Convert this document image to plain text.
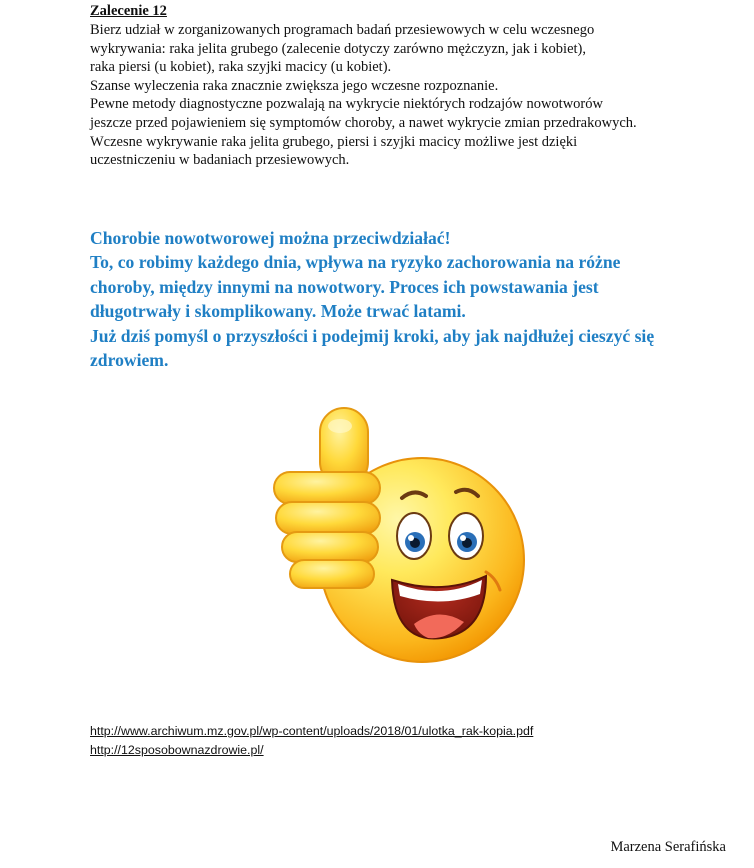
Zalecenie 12
Bierz udział w zorganizowanych programach badań przesiewowych w celu wczesnego
wykrywania: raka jelita grubego (zalecenie dotyczy zarówno mężczyzn, jak i kobiet),
raka piersi (u kobiet), raka szyjki macicy (u kobiet).
Szanse wyleczenia raka znacznie zwiększa jego wczesne rozpoznanie.
Pewne metody diagnostyczne pozwalają na wykrycie niektórych rodzajów nowotworów
jeszcze przed pojawieniem się symptomów choroby, a nawet wykrycie zmian przedrakowych.
Wczesne wykrywanie raka jelita grubego, piersi i szyjki macicy możliwe jest dzięki
uczestniczeniu w badaniach przesiewowych.
Chorobie nowotworowej można przeciwdziałać!
To, co robimy każdego dnia, wpływa na ryzyko zachorowania na różne
choroby, między innymi na nowotwory. Proces ich powstawania jest
długotrwały i skomplikowany. Może trwać latami.
Już dziś pomyśl o przyszłości i podejmij kroki, aby jak najdłużej cieszyć się
zdrowiem.
http://www.archiwum.mz.gov.pl/wp-content/uploads/2018/01/ulotka_rak-kopia.pdf
http://12sposobownazdrowie.pl/
Marzena Serafińska
